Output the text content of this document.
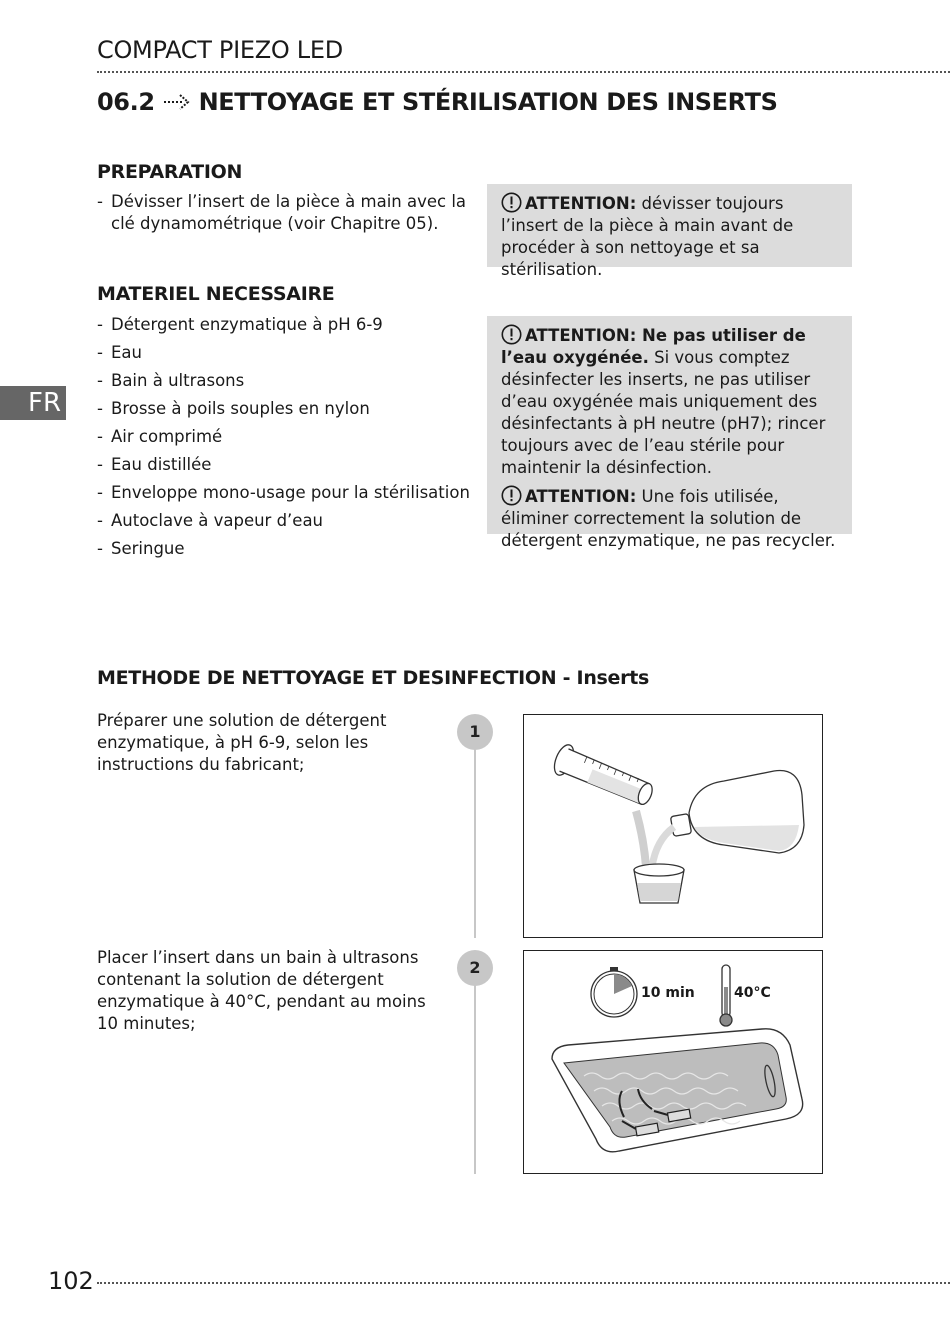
COMPACT PIEZO LED
06.2 NETTOYAGE ET STÉRILISATION DES INSERTS
FR
PREPARATION
- Dévisser l’insert de la pièce à main avec la clé dynamométrique (voir Chapitre 05).
ATTENTION: dévisser toujours l’insert de la pièce à main avant de procéder à son nettoyage et sa stérilisation.
MATERIEL NECESSAIRE
- Détergent enzymatique à pH 6-9
- Eau
- Bain à ultrasons
- Brosse à poils souples en nylon
- Air comprimé
- Eau distillée
- Enveloppe mono-usage pour la stérilisation
- Autoclave à vapeur d’eau
- Seringue
ATTENTION: Ne pas utiliser de l’eau oxygénée. Si vous comptez désinfecter les inserts, ne pas utiliser d’eau oxygénée mais uniquement des désinfectants à pH neutre (pH7); rincer toujours avec de l’eau stérile pour maintenir la désinfection.
ATTENTION: Une fois utilisée, éliminer correctement la solution de détergent enzymatique, ne pas recycler.
METHODE DE NETTOYAGE ET DESINFECTION - Inserts
Préparer une solution de détergent enzymatique, à pH 6-9, selon les instructions du fabricant;
1
Placer l’insert dans un bain à ultrasons contenant la solution de détergent enzymatique à 40°C, pendant au moins 10 minutes;
2
10 min	40°C
102
